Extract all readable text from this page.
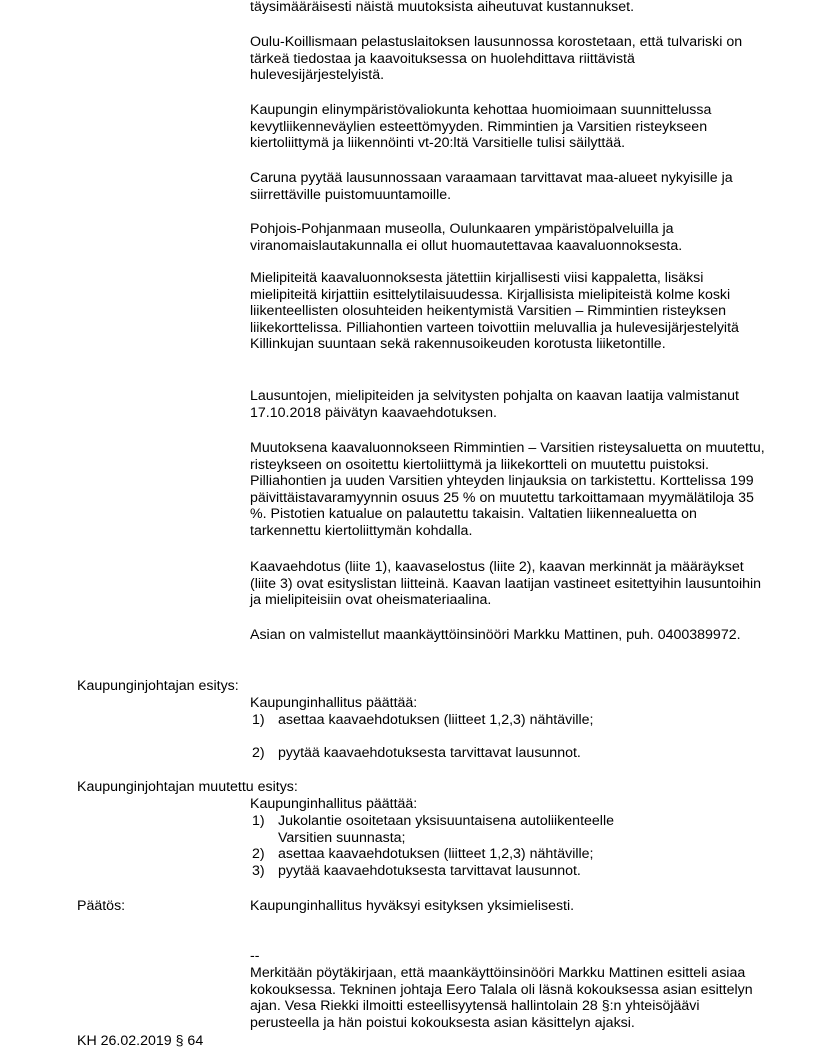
täysimääräisesti näistä muutoksista aiheutuvat kustannukset.

Oulu-Koillismaan pelastuslaitoksen lausunnossa korostetaan, että tulvariski on tärkeä tiedostaa ja kaavoituksessa on huolehdittava riittävistä hulevesijärjestelyistä.

Kaupungin elinympäristövaliokunta kehottaa huomioimaan suunnittelussa kevytliikenneväylien esteettömyyden. Rimmintien ja Varsitien risteykseen kiertoliittymä ja liikennöinti vt-20:ltä Varsitielle tulisi säilyttää.

Caruna pyytää lausunnossaan varaamaan tarvittavat maa-alueet nykyisille ja siirrettäville puistomuuntamoille.

Pohjois-Pohjanmaan museolla, Oulunkaaren ympäristöpalveluilla ja viranomaislautakunnalla ei ollut huomautettavaa kaavaluonnoksesta.

Mielipiteitä kaavaluonnoksesta jätettiin kirjallisesti viisi kappaletta, lisäksi mielipiteitä kirjattiin esittelytilaisuudessa. Kirjallisista mielipiteistä kolme koski liikenteellisten olosuhteiden heikentymistä Varsitien – Rimmintien risteyksen liikekorttelissa. Pilliahontien varteen toivottiin meluvallia ja hulevesijärjestelyitä Killinkujan suuntaan sekä rakennusoikeuden korotusta liiketontille.

Lausuntojen, mielipiteiden ja selvitysten pohjalta on kaavan laatija valmistanut 17.10.2018 päivätyn kaavaehdotuksen.

Muutoksena kaavaluonnokseen Rimmintien – Varsitien risteysaluetta on muutettu, risteykseen on osoitettu kiertoliittymä ja liikekortteli on muutettu puistoksi. Pilliahontien ja uuden Varsitien yhteyden linjauksia on tarkistettu. Korttelissa 199 päivittäistavaramyynnin osuus 25 % on muutettu tarkoittamaan myymälätiloja 35 %. Pistotien katualue on palautettu takaisin. Valtatien liikennealuetta on tarkennettu kiertoliittymän kohdalla.

Kaavaehdotus (liite 1), kaavaselostus (liite 2), kaavan merkinnät ja määräykset (liite 3) ovat esityslistan liitteinä. Kaavan laatijan vastineet esitettyihin lausuntoihin ja mielipiteisiin ovat oheismateriaalina.

Asian on valmistellut maankäyttöinsinööri Markku Mattinen, puh. 0400389972.

Kaupunginjohtajan esitys:
Kaupunginhallitus päättää:
1) asettaa kaavaehdotuksen (liitteet 1,2,3) nähtäville;
2) pyytää kaavaehdotuksesta tarvittavat lausunnot.
Kaupunginjohtajan muutettu esitys:
Kaupunginhallitus päättää:
1) Jukolantie osoitetaan yksisuuntaisena autoliikenteelle Varsitien suunnasta;
2) asettaa kaavaehdotuksen (liitteet 1,2,3) nähtäville;
3) pyytää kaavaehdotuksesta tarvittavat lausunnot.
Päätös:	Kaupunginhallitus hyväksyi esityksen yksimielisesti.
--
Merkitään pöytäkirjaan, että maankäyttöinsinööri Markku Mattinen esitteli asiaa kokouksessa. Tekninen johtaja Eero Talala oli läsnä kokouksessa asian esittelyn ajan. Vesa Riekki ilmoitti esteellisyytensä hallintolain 28 §:n yhteisöjäävi perusteella ja hän poistui kokouksesta asian käsittelyn ajaksi.
KH 26.02.2019 § 64
